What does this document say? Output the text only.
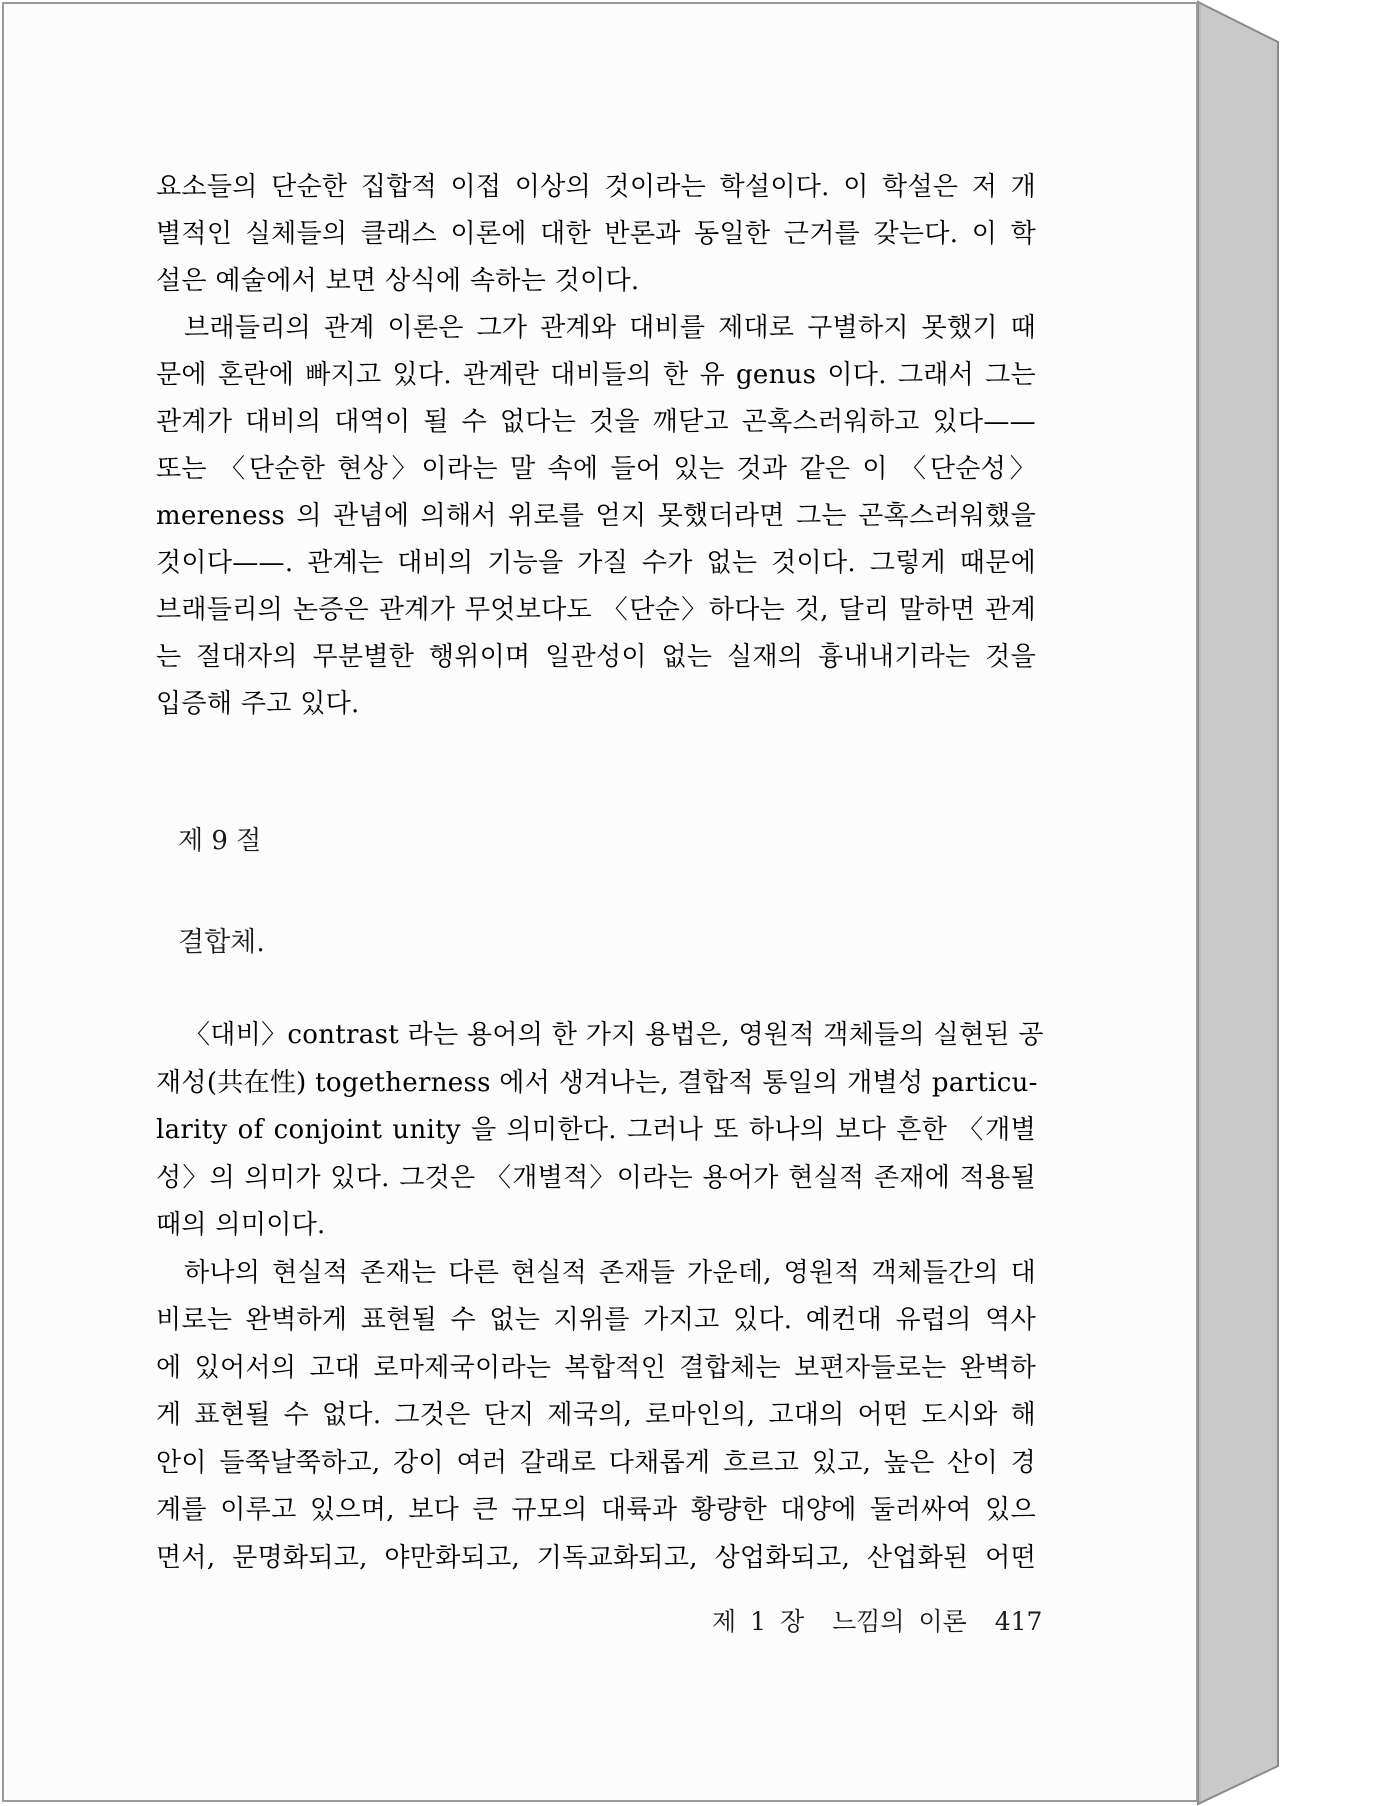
요소들의 단순한 집합적 이접 이상의 것이라는 학설이다. 이 학설은 저 개

별적인 실체들의 클래스 이론에 대한 반론과 동일한 근거를 갖는다. 이 학

설은 예술에서 보면 상식에 속하는 것이다.

브래들리의 관계 이론은 그가 관계와 대비를 제대로 구별하지 못했기 때

문에 혼란에 빠지고 있다. 관계란 대비들의 한 유 genus 이다. 그래서 그는

관계가 대비의 대역이 될 수 없다는 것을 깨닫고 곤혹스러워하고 있다——

또는 〈단순한 현상〉이라는 말 속에 들어 있는 것과 같은 이 〈단순성〉

mereness 의 관념에 의해서 위로를 얻지 못했더라면 그는 곤혹스러워했을

것이다——. 관계는 대비의 기능을 가질 수가 없는 것이다. 그렇게 때문에

브래들리의 논증은 관계가 무엇보다도 〈단순〉하다는 것, 달리 말하면 관계

는 절대자의 무분별한 행위이며 일관성이 없는 실재의 흉내내기라는 것을

입증해 주고 있다.

제 9 절
결합체.

〈대비〉contrast 라는 용어의 한 가지 용법은, 영원적 객체들의 실현된 공

재성(共在性) togetherness 에서 생겨나는, 결합적 통일의 개별성 particu-

larity of conjoint unity 을 의미한다. 그러나 또 하나의 보다 흔한 〈개별

성〉의 의미가 있다. 그것은 〈개별적〉이라는 용어가 현실적 존재에 적용될

때의 의미이다.

하나의 현실적 존재는 다른 현실적 존재들 가운데, 영원적 객체들간의 대

비로는 완벽하게 표현될 수 없는 지위를 가지고 있다. 예컨대 유럽의 역사

에 있어서의 고대 로마제국이라는 복합적인 결합체는 보편자들로는 완벽하

게 표현될 수 없다. 그것은 단지 제국의, 로마인의, 고대의 어떤 도시와 해

안이 들쭉날쭉하고, 강이 여러 갈래로 다채롭게 흐르고 있고, 높은 산이 경

계를 이루고 있으며, 보다 큰 규모의 대륙과 황량한 대양에 둘러싸여 있으

면서, 문명화되고, 야만화되고, 기독교화되고, 상업화되고, 산업화된 어떤

제 1 장 느낌의 이론 417
